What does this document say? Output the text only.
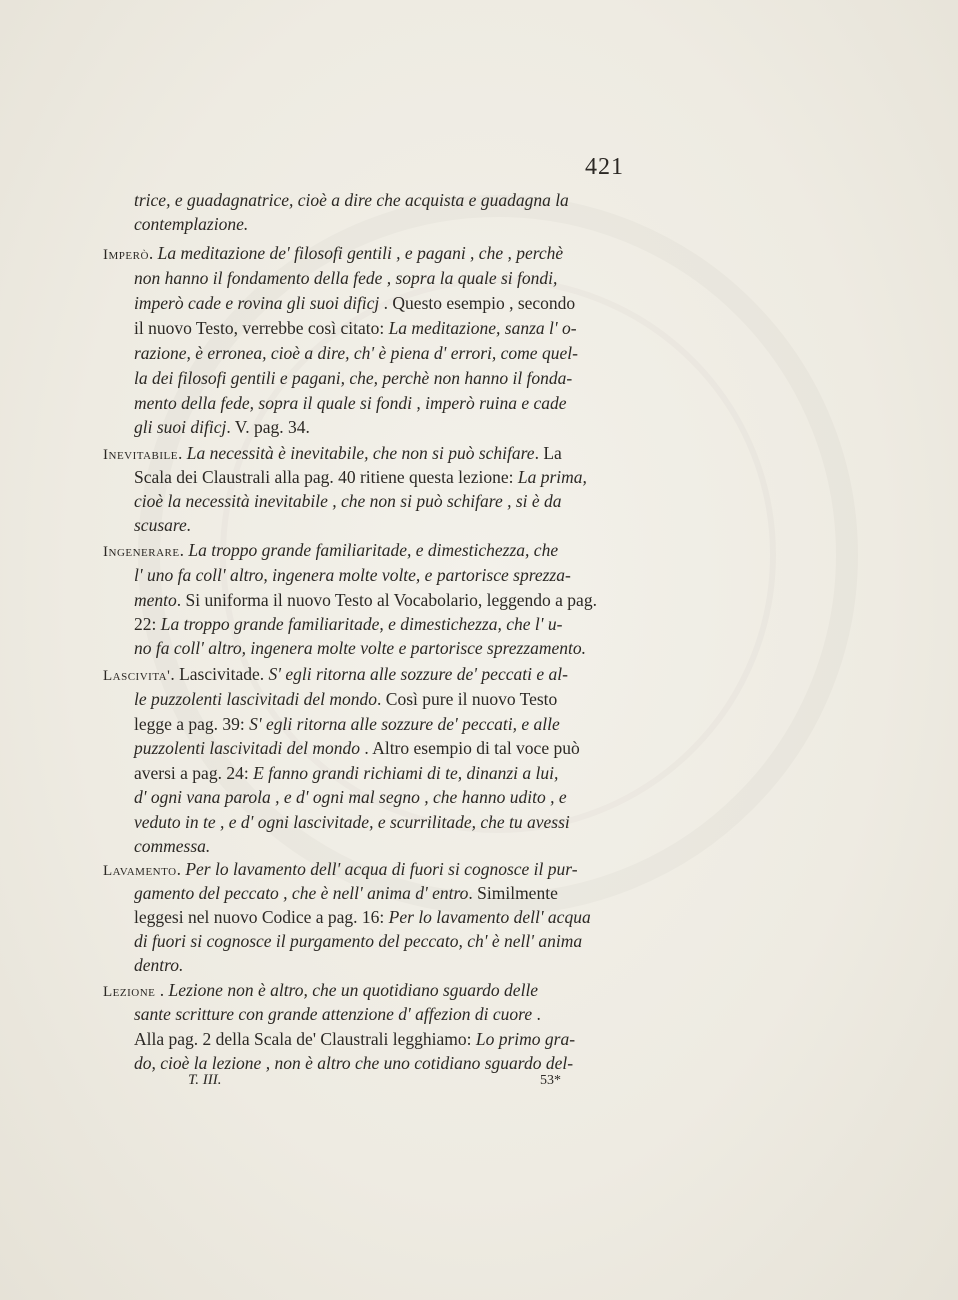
421
trice, e guadagnatrice, cioè a dire che acquista e guadagna la
contemplazione.
Imperò. La meditazione de' filosofi gentili , e pagani , che , perchè
non hanno il fondamento della fede , sopra la quale si fondi,
imperò cade e rovina gli suoi dificj . Questo esempio , secondo
il nuovo Testo, verrebbe così citato: La meditazione, sanza l' o-
razione, è erronea, cioè a dire, ch' è piena d' errori, come quel-
la dei filosofi gentili e pagani, che, perchè non hanno il fonda-
mento della fede, sopra il quale si fondi , imperò ruina e cade
gli suoi dificj. V. pag. 34.
Inevitabile. La necessità è inevitabile, che non si può schifare. La
Scala dei Claustrali alla pag. 40 ritiene questa lezione: La prima,
cioè la necessità inevitabile , che non si può schifare , si è da
scusare.
Ingenerare. La troppo grande familiaritade, e dimestichezza, che
l' uno fa coll' altro, ingenera molte volte, e partorisce sprezza-
mento. Si uniforma il nuovo Testo al Vocabolario, leggendo a pag.
22: La troppo grande familiaritade, e dimestichezza, che l' u-
no fa coll' altro, ingenera molte volte e partorisce sprezzamento.
Lascivita'. Lascivitade. S' egli ritorna alle sozzure de' peccati e al-
le puzzolenti lascivitadi del mondo. Così pure il nuovo Testo
legge a pag. 39: S' egli ritorna alle sozzure de' peccati, e alle
puzzolenti lascivitadi del mondo . Altro esempio di tal voce può
aversi a pag. 24: E fanno grandi richiami di te, dinanzi a lui,
d' ogni vana parola , e d' ogni mal segno , che hanno udito , e
veduto in te , e d' ogni lascivitade, e scurrilitade, che tu avessi
commessa.
Lavamento. Per lo lavamento dell' acqua di fuori si cognosce il pur-
gamento del peccato , che è nell' anima d' entro. Similmente
leggesi nel nuovo Codice a pag. 16: Per lo lavamento dell' acqua
di fuori si cognosce il purgamento del peccato, ch' è nell' anima
dentro.
Lezione . Lezione non è altro, che un quotidiano sguardo delle
sante scritture con grande attenzione d' affezion di cuore .
Alla pag. 2 della Scala de' Claustrali legghiamo: Lo primo gra-
do, cioè la lezione , non è altro che uno cotidiano sguardo del-
T. III.	53*
